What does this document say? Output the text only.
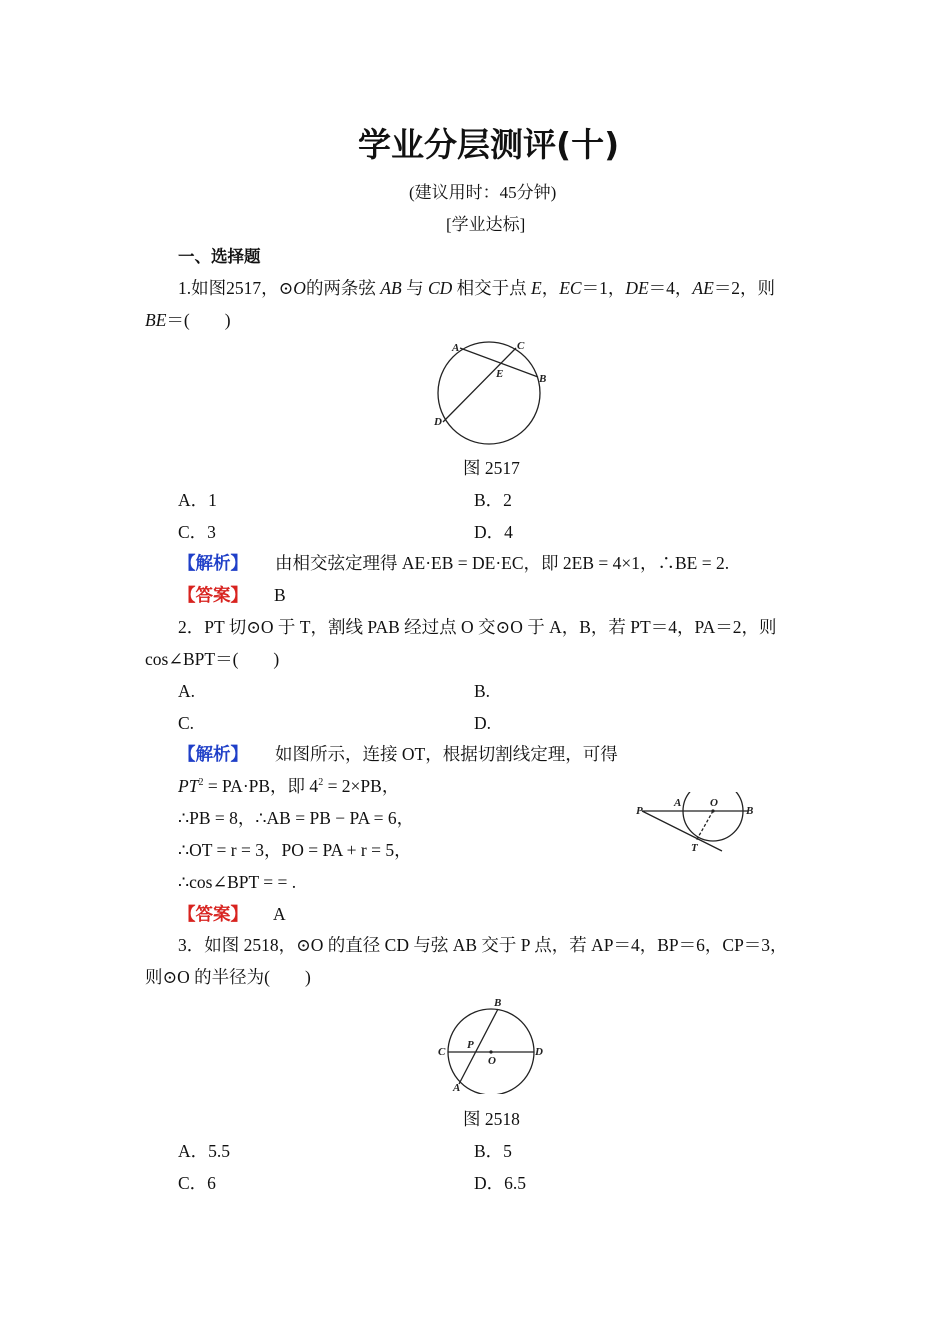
学业分层测评(十)
(建议用时：45分钟)
[学业达标]
一、选择题
1.如图2517，⊙O的两条弦 AB 与 CD 相交于点 E，EC＝1，DE＝4，AE＝2，则
BE＝(　　)
A	C
E	B
D
图 2517
A．1	B．2
C．3	D．4
【解析】 由相交弦定理得 AE·EB = DE·EC，即 2EB = 4×1，∴BE = 2.
【答案】 B
2．PT 切⊙O 于 T，割线 PAB 经过点 O 交⊙O 于 A，B，若 PT＝4，PA＝2，则
cos∠BPT＝(　　)
A.	B.
C.	D.
【解析】 如图所示，连接 OT，根据切割线定理，可得
$PT^2 = PA\cdot PB$，即 $4^2 = 2\times PB$，
∴PB = 8，∴AB = PB − PA = 6，
∴OT = r = 3，PO = PA + r = 5，
∴cos∠BPT = = .
P
A	O
B
T
【答案】 A
3．如图 2518，⊙O 的直径 CD 与弦 AB 交于 P 点，若 AP＝4，BP＝6，CP＝3，
则⊙O 的半径为(　　)
B
C
P
O
D
A
图 2518
A．5.5	B．5
C．6	D．6.5
